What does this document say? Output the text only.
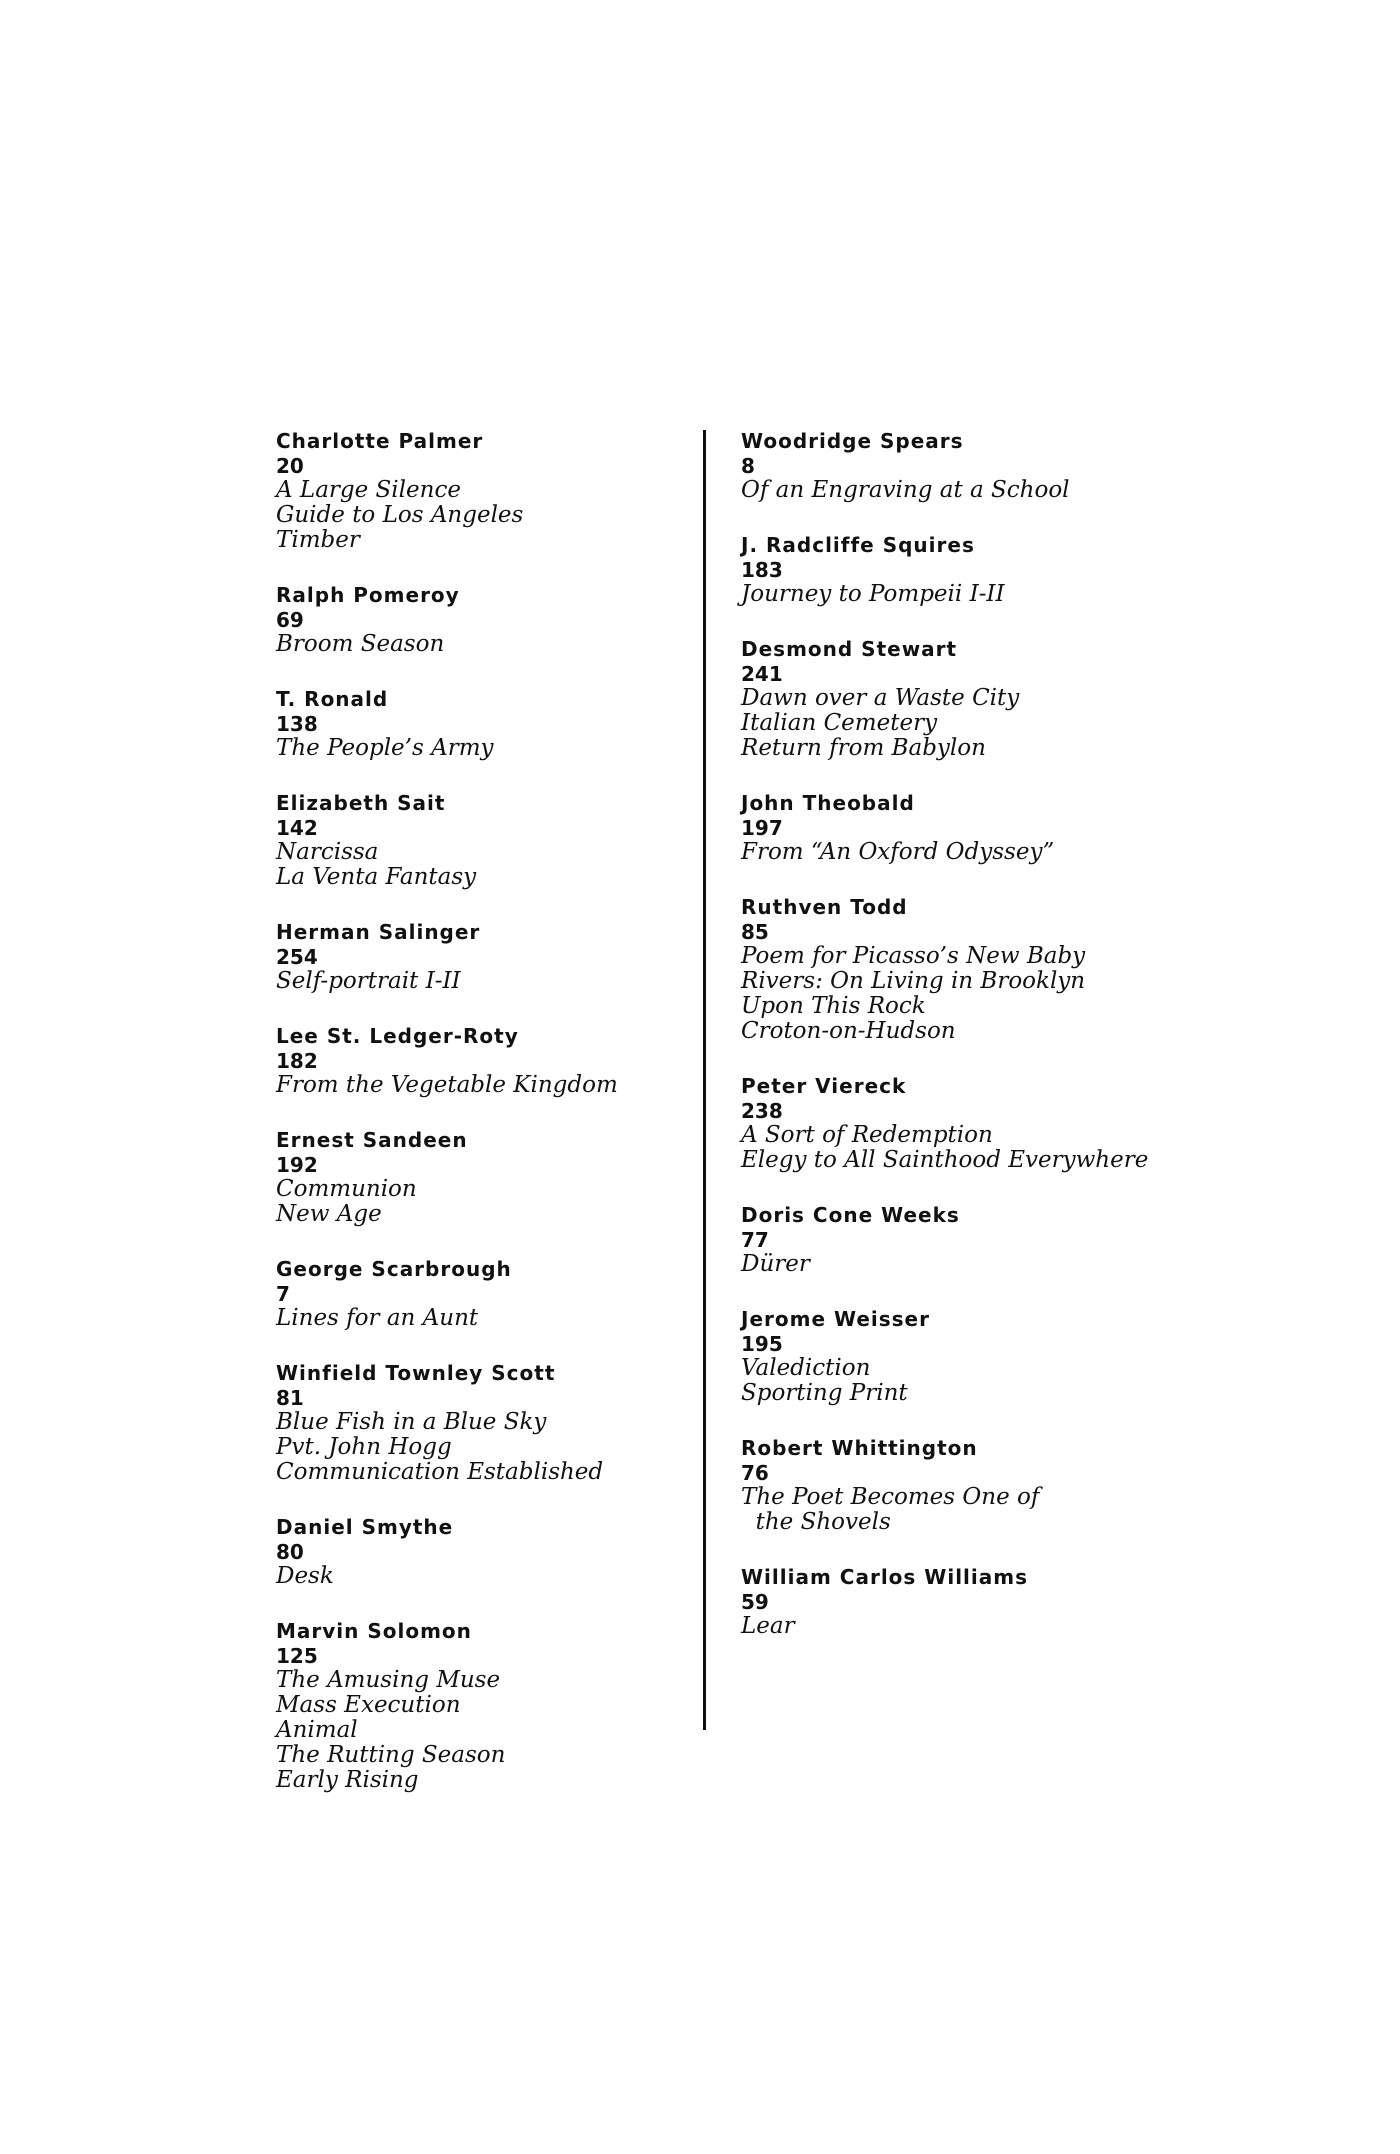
Charlotte Palmer
20
A Large Silence
Guide to Los Angeles
Timber
Ralph Pomeroy
69
Broom Season
T. Ronald
138
The People’s Army
Elizabeth Sait
142
Narcissa
La Venta Fantasy
Herman Salinger
254
Self-portrait I-II
Lee St. Ledger-Roty
182
From the Vegetable Kingdom
Ernest Sandeen
192
Communion
New Age
George Scarbrough
7
Lines for an Aunt
Winfield Townley Scott
81
Blue Fish in a Blue Sky
Pvt. John Hogg
Communication Established
Daniel Smythe
80
Desk
Marvin Solomon
125
The Amusing Muse
Mass Execution
Animal
The Rutting Season
Early Rising
Woodridge Spears
8
Of an Engraving at a School
J. Radcliffe Squires
183
Journey to Pompeii I-II
Desmond Stewart
241
Dawn over a Waste City
Italian Cemetery
Return from Babylon
John Theobald
197
From “An Oxford Odyssey”
Ruthven Todd
85
Poem for Picasso’s New Baby
Rivers: On Living in Brooklyn
Upon This Rock
Croton-on-Hudson
Peter Viereck
238
A Sort of Redemption
Elegy to All Sainthood Everywhere
Doris Cone Weeks
77
Dürer
Jerome Weisser
195
Valediction
Sporting Print
Robert Whittington
76
The Poet Becomes One of
the Shovels
William Carlos Williams
59
Lear
